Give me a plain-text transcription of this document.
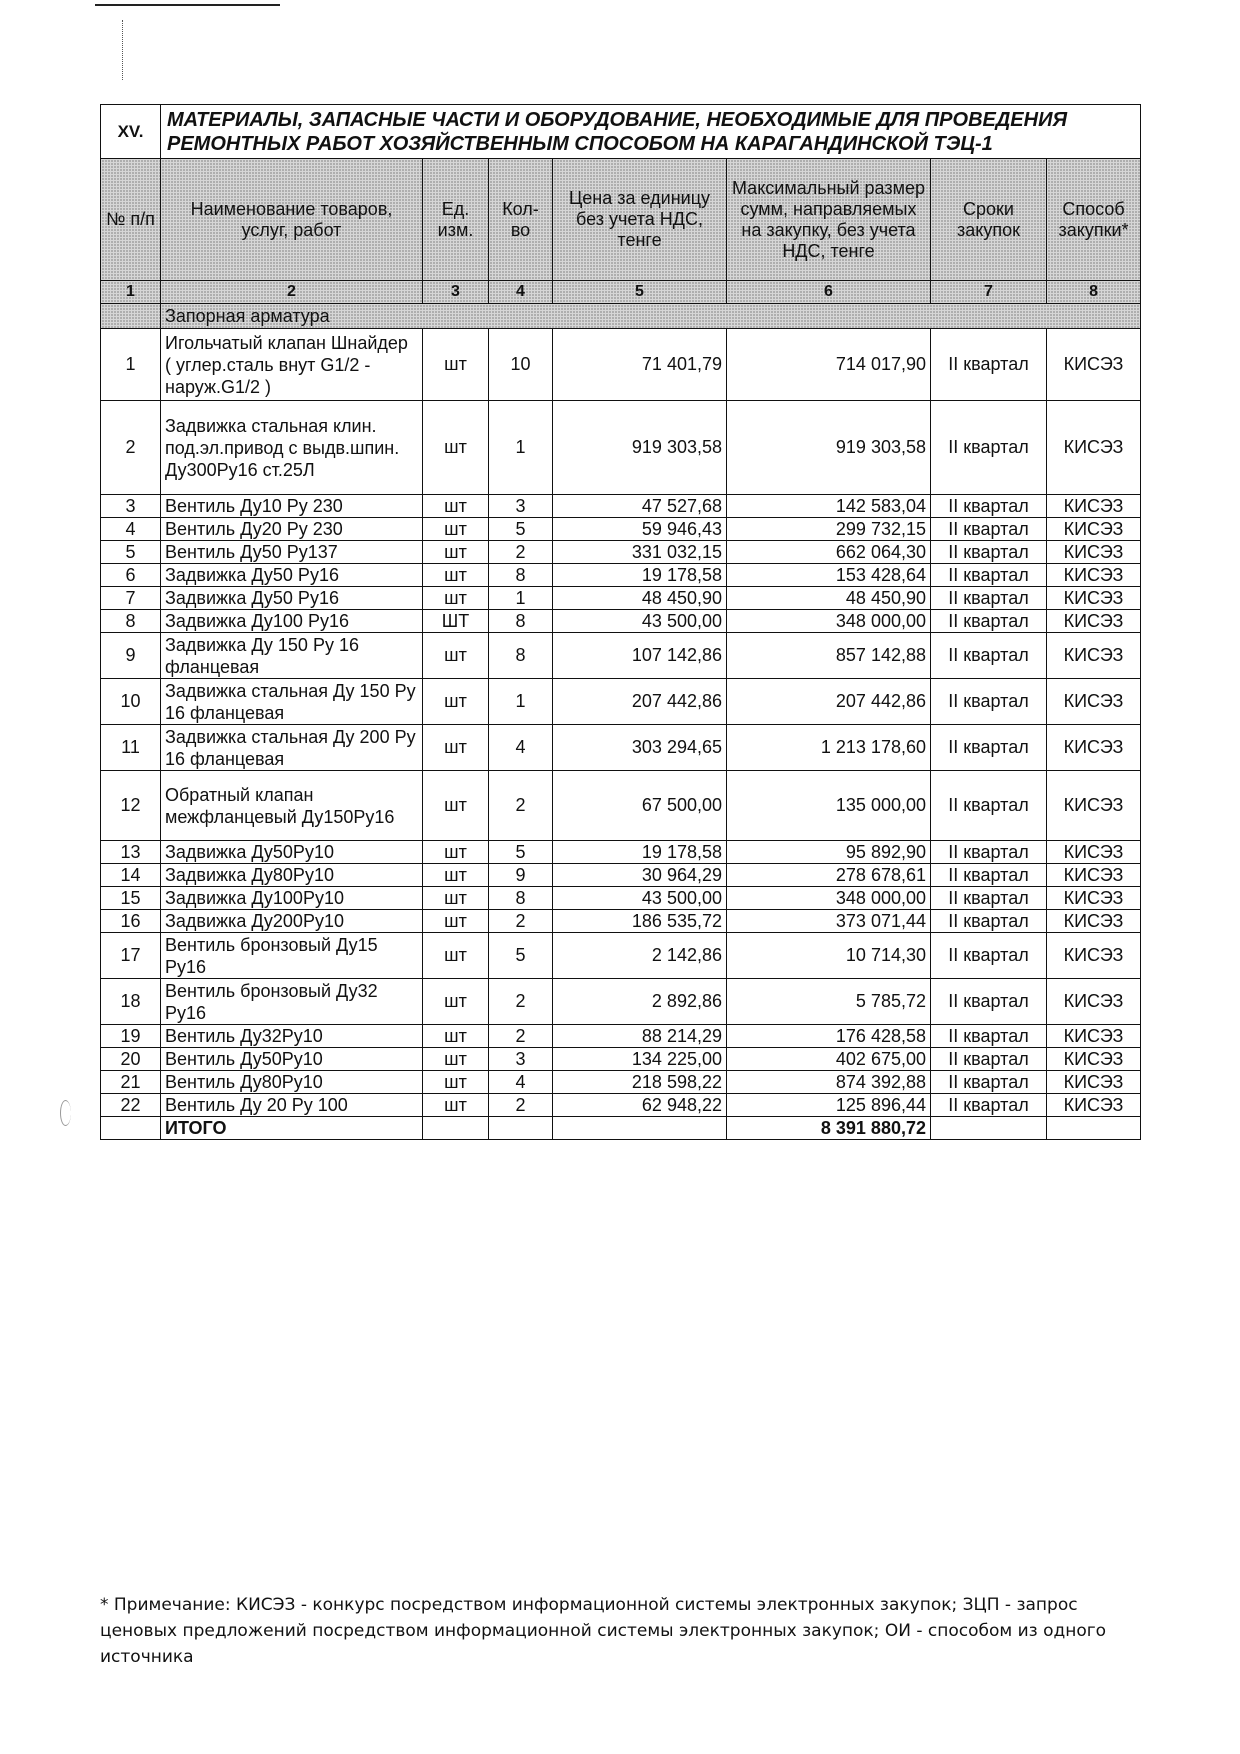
XV.	МАТЕРИАЛЫ, ЗАПАСНЫЕ ЧАСТИ И ОБОРУДОВАНИЕ, НЕОБХОДИМЫЕ ДЛЯ ПРОВЕДЕНИЯ РЕМОНТНЫХ РАБОТ ХОЗЯЙСТВЕННЫМ СПОСОБОМ НА КАРАГАНДИНСКОЙ ТЭЦ-1						
№ п/п	Наименование товаров, услуг, работ	Ед. изм.	Кол-во	Цена за единицу без учета НДС, тенге	Максимальный размер сумм, направляемых на закупку, без учета НДС, тенге	Сроки закупок	Способ закупки*
1	2	3	4	5	6	7	8
	Запорная арматура						
1	Игольчатый клапан Шнайдер ( углер.сталь внут G1/2 - наруж.G1/2 )	шт	10	71 401,79	714 017,90	II квартал	КИСЭЗ
2	Задвижка стальная клин. под.эл.привод с выдв.шпин. Ду300Ру16 ст.25Л	шт	1	919 303,58	919 303,58	II квартал	КИСЭЗ
3	Вентиль Ду10 Ру 230	шт	3	47 527,68	142 583,04	II квартал	КИСЭЗ
4	Вентиль Ду20 Ру 230	шт	5	59 946,43	299 732,15	II квартал	КИСЭЗ
5	Вентиль Ду50 Ру137	шт	2	331 032,15	662 064,30	II квартал	КИСЭЗ
6	Задвижка Ду50 Ру16	шт	8	19 178,58	153 428,64	II квартал	КИСЭЗ
7	Задвижка Ду50 Ру16	шт	1	48 450,90	48 450,90	II квартал	КИСЭЗ
8	Задвижка Ду100 Ру16	ШТ	8	43 500,00	348 000,00	II квартал	КИСЭЗ
9	Задвижка Ду 150 Ру 16 фланцевая	шт	8	107 142,86	857 142,88	II квартал	КИСЭЗ
10	Задвижка стальная Ду 150 Ру 16 фланцевая	шт	1	207 442,86	207 442,86	II квартал	КИСЭЗ
11	Задвижка стальная Ду 200 Ру 16 фланцевая	шт	4	303 294,65	1 213 178,60	II квартал	КИСЭЗ
12	Обратный клапан межфланцевый Ду150Ру16	шт	2	67 500,00	135 000,00	II квартал	КИСЭЗ
13	Задвижка Ду50Ру10	шт	5	19 178,58	95 892,90	II квартал	КИСЭЗ
14	Задвижка Ду80Ру10	шт	9	30 964,29	278 678,61	II квартал	КИСЭЗ
15	Задвижка Ду100Ру10	шт	8	43 500,00	348 000,00	II квартал	КИСЭЗ
16	Задвижка Ду200Ру10	шт	2	186 535,72	373 071,44	II квартал	КИСЭЗ
17	Вентиль бронзовый Ду15 Ру16	шт	5	2 142,86	10 714,30	II квартал	КИСЭЗ
18	Вентиль бронзовый Ду32 Ру16	шт	2	2 892,86	5 785,72	II квартал	КИСЭЗ
19	Вентиль Ду32Ру10	шт	2	88 214,29	176 428,58	II квартал	КИСЭЗ
20	Вентиль Ду50Ру10	шт	3	134 225,00	402 675,00	II квартал	КИСЭЗ
21	Вентиль Ду80Ру10	шт	4	218 598,22	874 392,88	II квартал	КИСЭЗ
22	Вентиль Ду 20 Ру 100	шт	2	62 948,22	125 896,44	II квартал	КИСЭЗ
	ИТОГО				8 391 880,72		
* Примечание: КИСЭЗ - конкурс посредством информационной системы электронных закупок; ЗЦП - запрос ценовых предложений посредством информационной системы электронных закупок; ОИ - способом из одного источника
